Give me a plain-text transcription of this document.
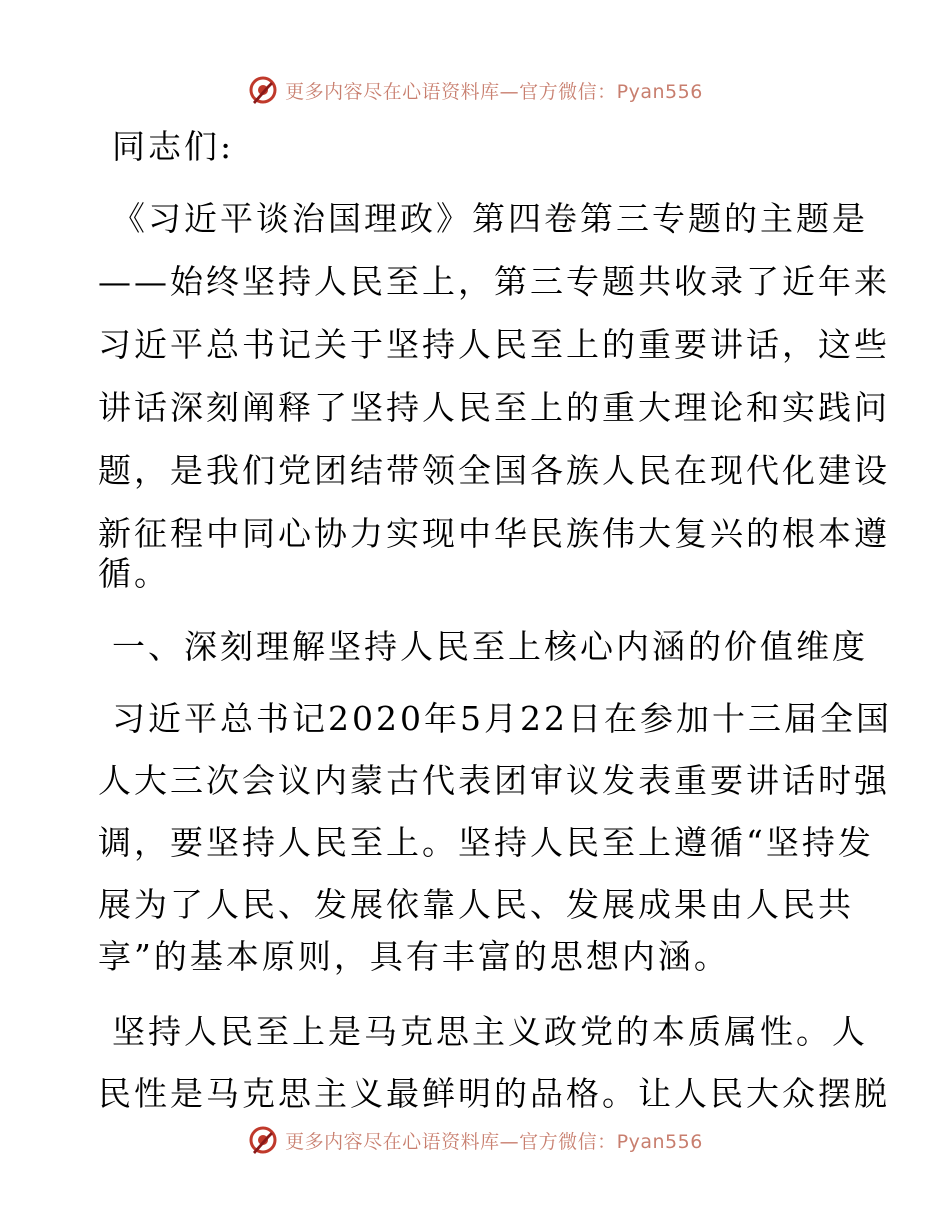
更多内容尽在心语资料库—官方微信：Pyan556
同志们:
《习近平谈治国理政》第四卷第三专题的主题是
——始终坚持人民至上，第三专题共收录了近年来
习近平总书记关于坚持人民至上的重要讲话，这些
讲话深刻阐释了坚持人民至上的重大理论和实践问
题，是我们党团结带领全国各族人民在现代化建设
新征程中同心协力实现中华民族伟大复兴的根本遵
循。
一、深刻理解坚持人民至上核心内涵的价值维度
习近平总书记2020年5月22日在参加十三届全国
人大三次会议内蒙古代表团审议发表重要讲话时强
调，要坚持人民至上。坚持人民至上遵循“坚持发
展为了人民、发展依靠人民、发展成果由人民共
享”的基本原则，具有丰富的思想内涵。
坚持人民至上是马克思主义政党的本质属性。人
民性是马克思主义最鲜明的品格。让人民大众摆脱
更多内容尽在心语资料库—官方微信：Pyan556
